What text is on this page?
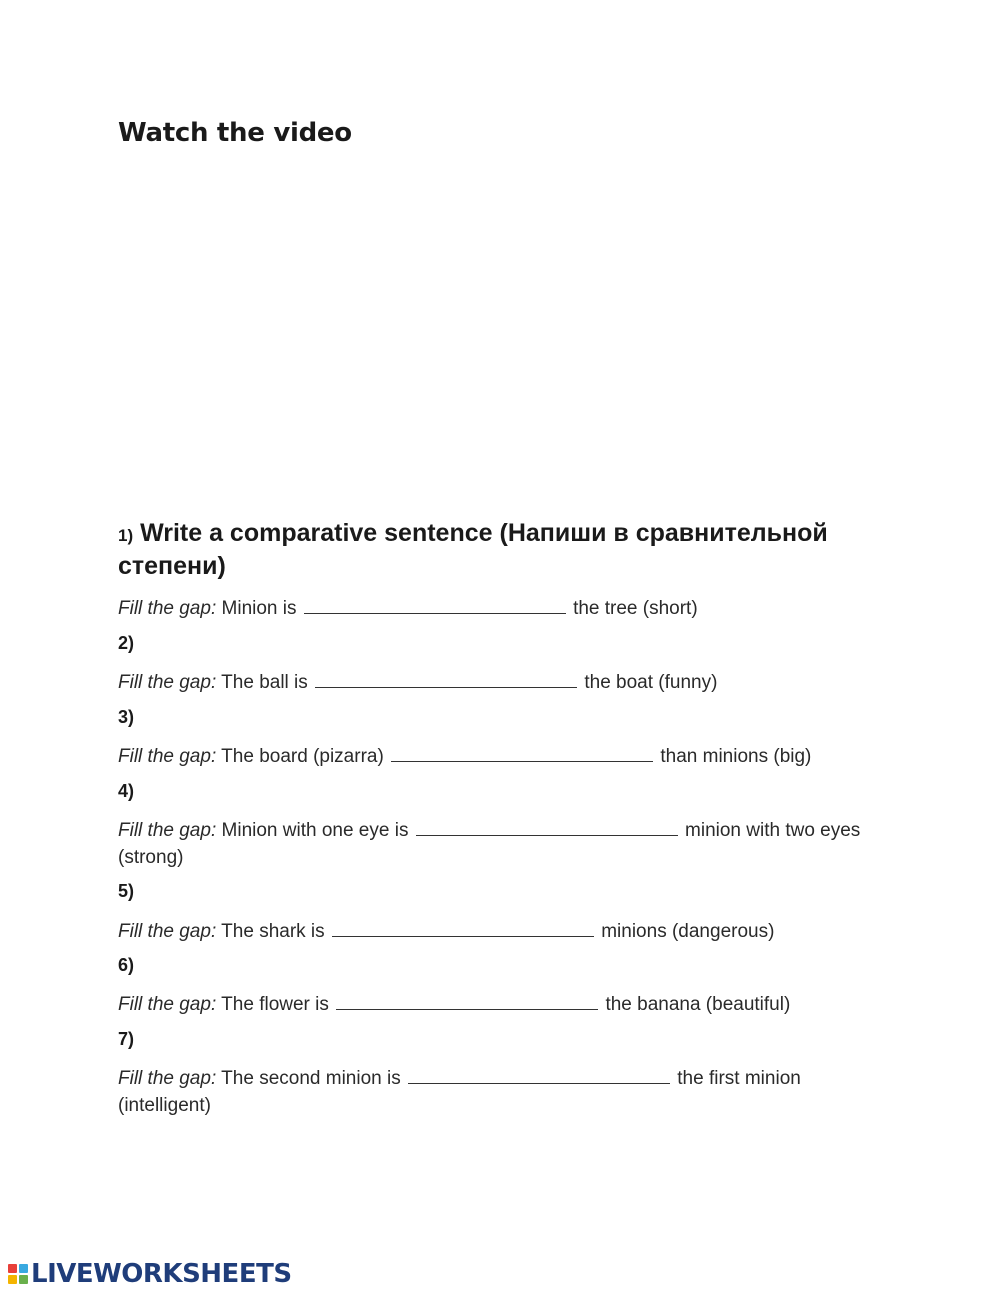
Watch the video
1) Write a comparative sentence (Напиши в сравнительной степени)
Fill the gap: Minion is	the tree (short)
2)
Fill the gap: The ball is	the boat (funny)
3)
Fill the gap: The board (pizarra)	than minions (big)
4)
Fill the gap: Minion with one eye is	minion with two eyes (strong)
5)
Fill the gap: The shark is	minions (dangerous)
6)
Fill the gap: The flower is	the banana (beautiful)
7)
Fill the gap: The second minion is	the first minion (intelligent)
LIVEWORKSHEETS
